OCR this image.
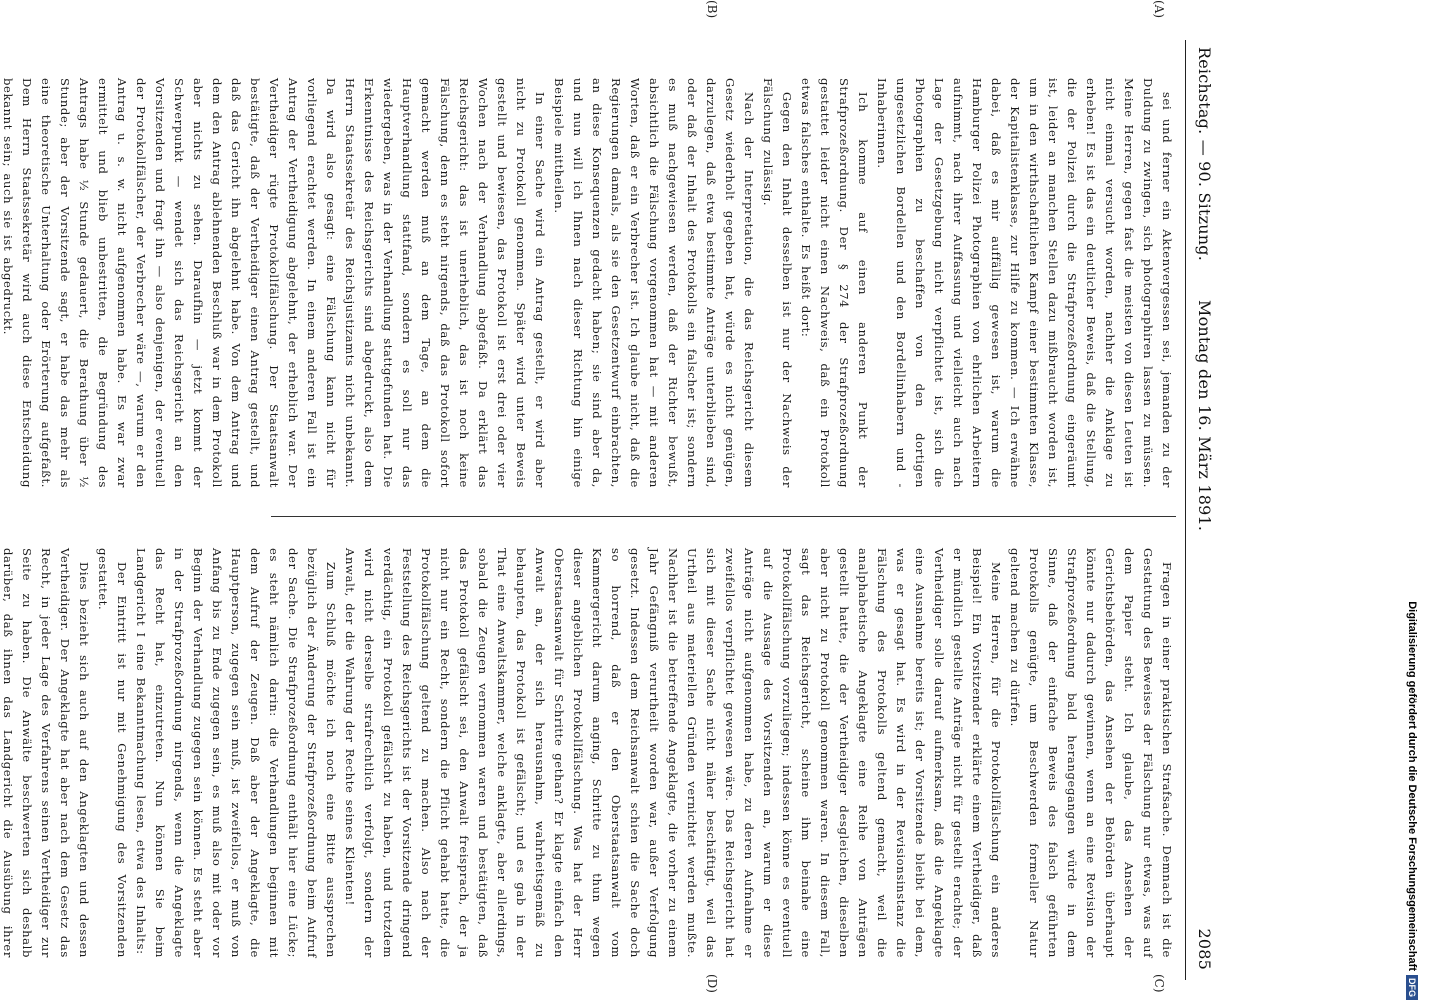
Reichstag. — 90. Sitzung.
Montag den 16. März 1891.
2085
(A)
(B)
(C)
(D)

sei und ferner ein Aktenvergessen sei, jemanden zu der Duldung zu zwingen, sich photographiren lassen zu müssen. Meine Herren, gegen fast die meisten von diesen Leuten ist nicht einmal versucht worden, nachher die Anklage zu erheben! Es ist das ein deutlicher Beweis, daß die Stellung, die der Polizei durch die Strafprozeßordnung eingeräumt ist, leider an manchen Stellen dazu mißbraucht worden ist, um in den wirthschaftlichen Kampf einer bestimmten Klasse, der Kapitalistenklasse, zur Hilfe zu kommen. — Ich erwähne dabei, daß es mir auffällig gewesen ist, warum die Hamburger Polizei Photographien von ehrlichen Arbeitern aufnimmt, nach ihrer Auffassung und vielleicht auch nach Lage der Gesetzgebung nicht verpflichtet ist, sich die Photographien zu beschaffen von den dortigen ungesetzlichen Bordellen und den Bordellinhabern und -Inhaberinnen.

Ich komme auf einen anderen Punkt der Strafprozeßordnung. Der § 274 der Strafprozeßordnung gestattet leider nicht einen Nachweis, daß ein Protokoll etwas falsches enthalte. Es heißt dort:

Gegen den Inhalt desselben ist nur der Nachweis der Fälschung zulässig.

Nach der Interpretation, die das Reichsgericht diesem Gesetz wiederholt gegeben hat, würde es nicht genügen, darzulegen, daß etwa bestimmte Anträge unterblieben sind, oder daß der Inhalt des Protokolls ein falscher ist; sondern es muß nachgewiesen werden, daß der Richter bewußt, absichtlich die Fälschung vorgenommen hat — mit anderen Worten, daß er ein Verbrecher ist. Ich glaube nicht, daß die Regierungen damals, als sie den Gesetzentwurf einbrachten, an diese Konsequenzen gedacht haben; sie sind aber da, und nun will ich Ihnen nach dieser Richtung hin einige Beispiele mittheilen.

In einer Sache wird ein Antrag gestellt, er wird aber nicht zu Protokoll genommen. Später wird unter Beweis gestellt und bewiesen, das Protokoll ist erst drei oder vier Wochen nach der Verhandlung abgefaßt. Da erklärt das Reichsgericht: das ist unerheblich, das ist noch keine Fälschung, denn es steht nirgends, daß das Protokoll sofort gemacht werden muß an dem Tage, an dem die Hauptverhandlung stattfand, sondern es soll nur das wiedergeben, was in der Verhandlung stattgefunden hat. Die Erkenntnisse des Reichsgerichts sind abgedruckt, also dem Herrn Staatssekretär des Reichsjustizamts nicht unbekannt. Da wird also gesagt: eine Fälschung kann nicht für vorliegend erachtet werden. In einem anderen Fall ist ein Antrag der Vertheidigung abgelehnt, der erheblich war. Der Vertheidiger rügte Protokollfälschung. Der Staatsanwalt bestätigte, daß der Vertheidiger einen Antrag gestellt, und daß das Gericht ihn abgelehnt habe. Von dem Antrag und dem den Antrag ablehnenden Beschluß war in dem Protokoll aber nichts zu sehen. Daraufhin — jetzt kommt der Schwerpunkt — wendet sich das Reichsgericht an den Vorsitzenden und fragt ihn — also denjenigen, der eventuell der Protokollfälscher, der Verbrecher wäre —, warum er den Antrag u. s. w. nicht aufgenommen habe. Es war zwar ermittelt und blieb unbestritten, die Begründung des Antrags habe ½ Stunde gedauert, die Berathung über ½ Stunde; aber der Vorsitzende sagt, er habe das mehr als eine theoretische Unterhaltung oder Erörterung aufgefaßt. Dem Herrn Staatssekretär wird auch diese Entscheidung bekannt sein; auch sie ist abgedruckt.

Fragen in einer praktischen Strafsache. Demnach ist die Gestattung des Beweises der Fälschung nur etwas, was auf dem Papier steht. Ich glaube, das Ansehen der Gerichtsbehörden, das Ansehen der Behörden überhaupt könnte nur dadurch gewinnen, wenn an eine Revision der Strafprozeßordnung bald herangegangen würde in dem Sinne, daß der einfache Beweis des falsch geführten Protokolls genügte, um Beschwerden formeller Natur geltend machen zu dürfen.

Meine Herren, für die Protokollfälschung ein anderes Beispiel! Ein Vorsitzender erklärte einem Vertheidiger, daß er mündlich gestellte Anträge nicht für gestellt erachte; der Vertheidiger solle darauf aufmerksam, daß die Angeklagte eine Ausnahme bereits ist; der Vorsitzende bleibt bei dem, was er gesagt hat. Es wird in der Revisionsinstanz die Fälschung des Protokolls geltend gemacht, weil die analphabetische Angeklagte eine Reihe von Anträgen gestellt hatte, die der Vertheidiger desgleichen, dieselben aber nicht zu Protokoll genommen waren. In diesem Fall, sagt das Reichsgericht, scheine ihm beinahe eine Protokollfälschung vorzuliegen; indessen könne es eventuell auf die Aussage des Vorsitzenden an, warum er diese Anträge nicht aufgenommen habe, zu deren Aufnahme er zweifellos verpflichtet gewesen wäre. Das Reichsgericht hat sich mit dieser Sache nicht näher beschäftigt, weil das Urtheil aus materiellen Gründen vernichtet werden mußte. Nachher ist die betreffende Angeklagte, die vorher zu einem Jahr Gefängniß verurtheilt worden war, außer Verfolgung gesetzt. Indessen dem Reichsanwalt schien die Sache doch so horrend, daß er den Oberstaatsanwalt vom Kammergericht darum anging, Schritte zu thun wegen dieser angeblichen Protokollfälschung. Was hat der Herr Oberstaatsanwalt für Schritte gethan? Er klagte einfach den Anwalt an, der sich herausnahm, wahrheitsgemäß zu behaupten, das Protokoll ist gefälscht; und es gab in der That eine Anwaltskammer, welche anklagte, aber allerdings, sobald die Zeugen vernommen waren und bestätigten, daß das Protokoll gefälscht sei, den Anwalt freisprach, der ja nicht nur ein Recht, sondern die Pflicht gehabt hatte, die Protokollfälschung geltend zu machen. Also nach der Feststellung des Reichsgerichts ist der Vorsitzende dringend verdächtig, ein Protokoll gefälscht zu haben, und trotzdem wird nicht derselbe strafrechtlich verfolgt, sondern der Anwalt, der die Wahrung der Rechte seines Klienten!

Zum Schluß möchte ich noch eine Bitte aussprechen bezüglich der Änderung der Strafprozeßordnung beim Aufruf der Sache. Die Strafprozeßordnung enthält hier eine Lücke; es steht nämlich darin: die Verhandlungen beginnen mit dem Aufruf der Zeugen. Daß aber der Angeklagte, die Hauptperson, zugegen sein muß, ist zweifellos, er muß von Anfang bis zu Ende zugegen sein, es muß also mit oder vor Beginn der Verhandlung zugegen sein können. Es steht aber in der Strafprozeßordnung nirgends, wenn die Angeklagte das Recht hat, einzutreten. Nun können Sie beim Landgericht I eine Bekanntmachung lesen, etwa des Inhalts:

Der Eintritt ist nur mit Genehmigung des Vorsitzenden gestattet.

Dies bezieht sich auch auf den Angeklagten und dessen Vertheidiger. Der Angeklagte hat aber nach dem Gesetz das Recht, in jeder Lage des Verfahrens seinen Vertheidiger zur Seite zu haben. Die Anwälte beschwerten sich deshalb darüber, daß ihnen das Landgericht die Ausübung ihrer	Digitalisierung gefördert durch die Deutsche ForschungsgemeinschaftDFG
